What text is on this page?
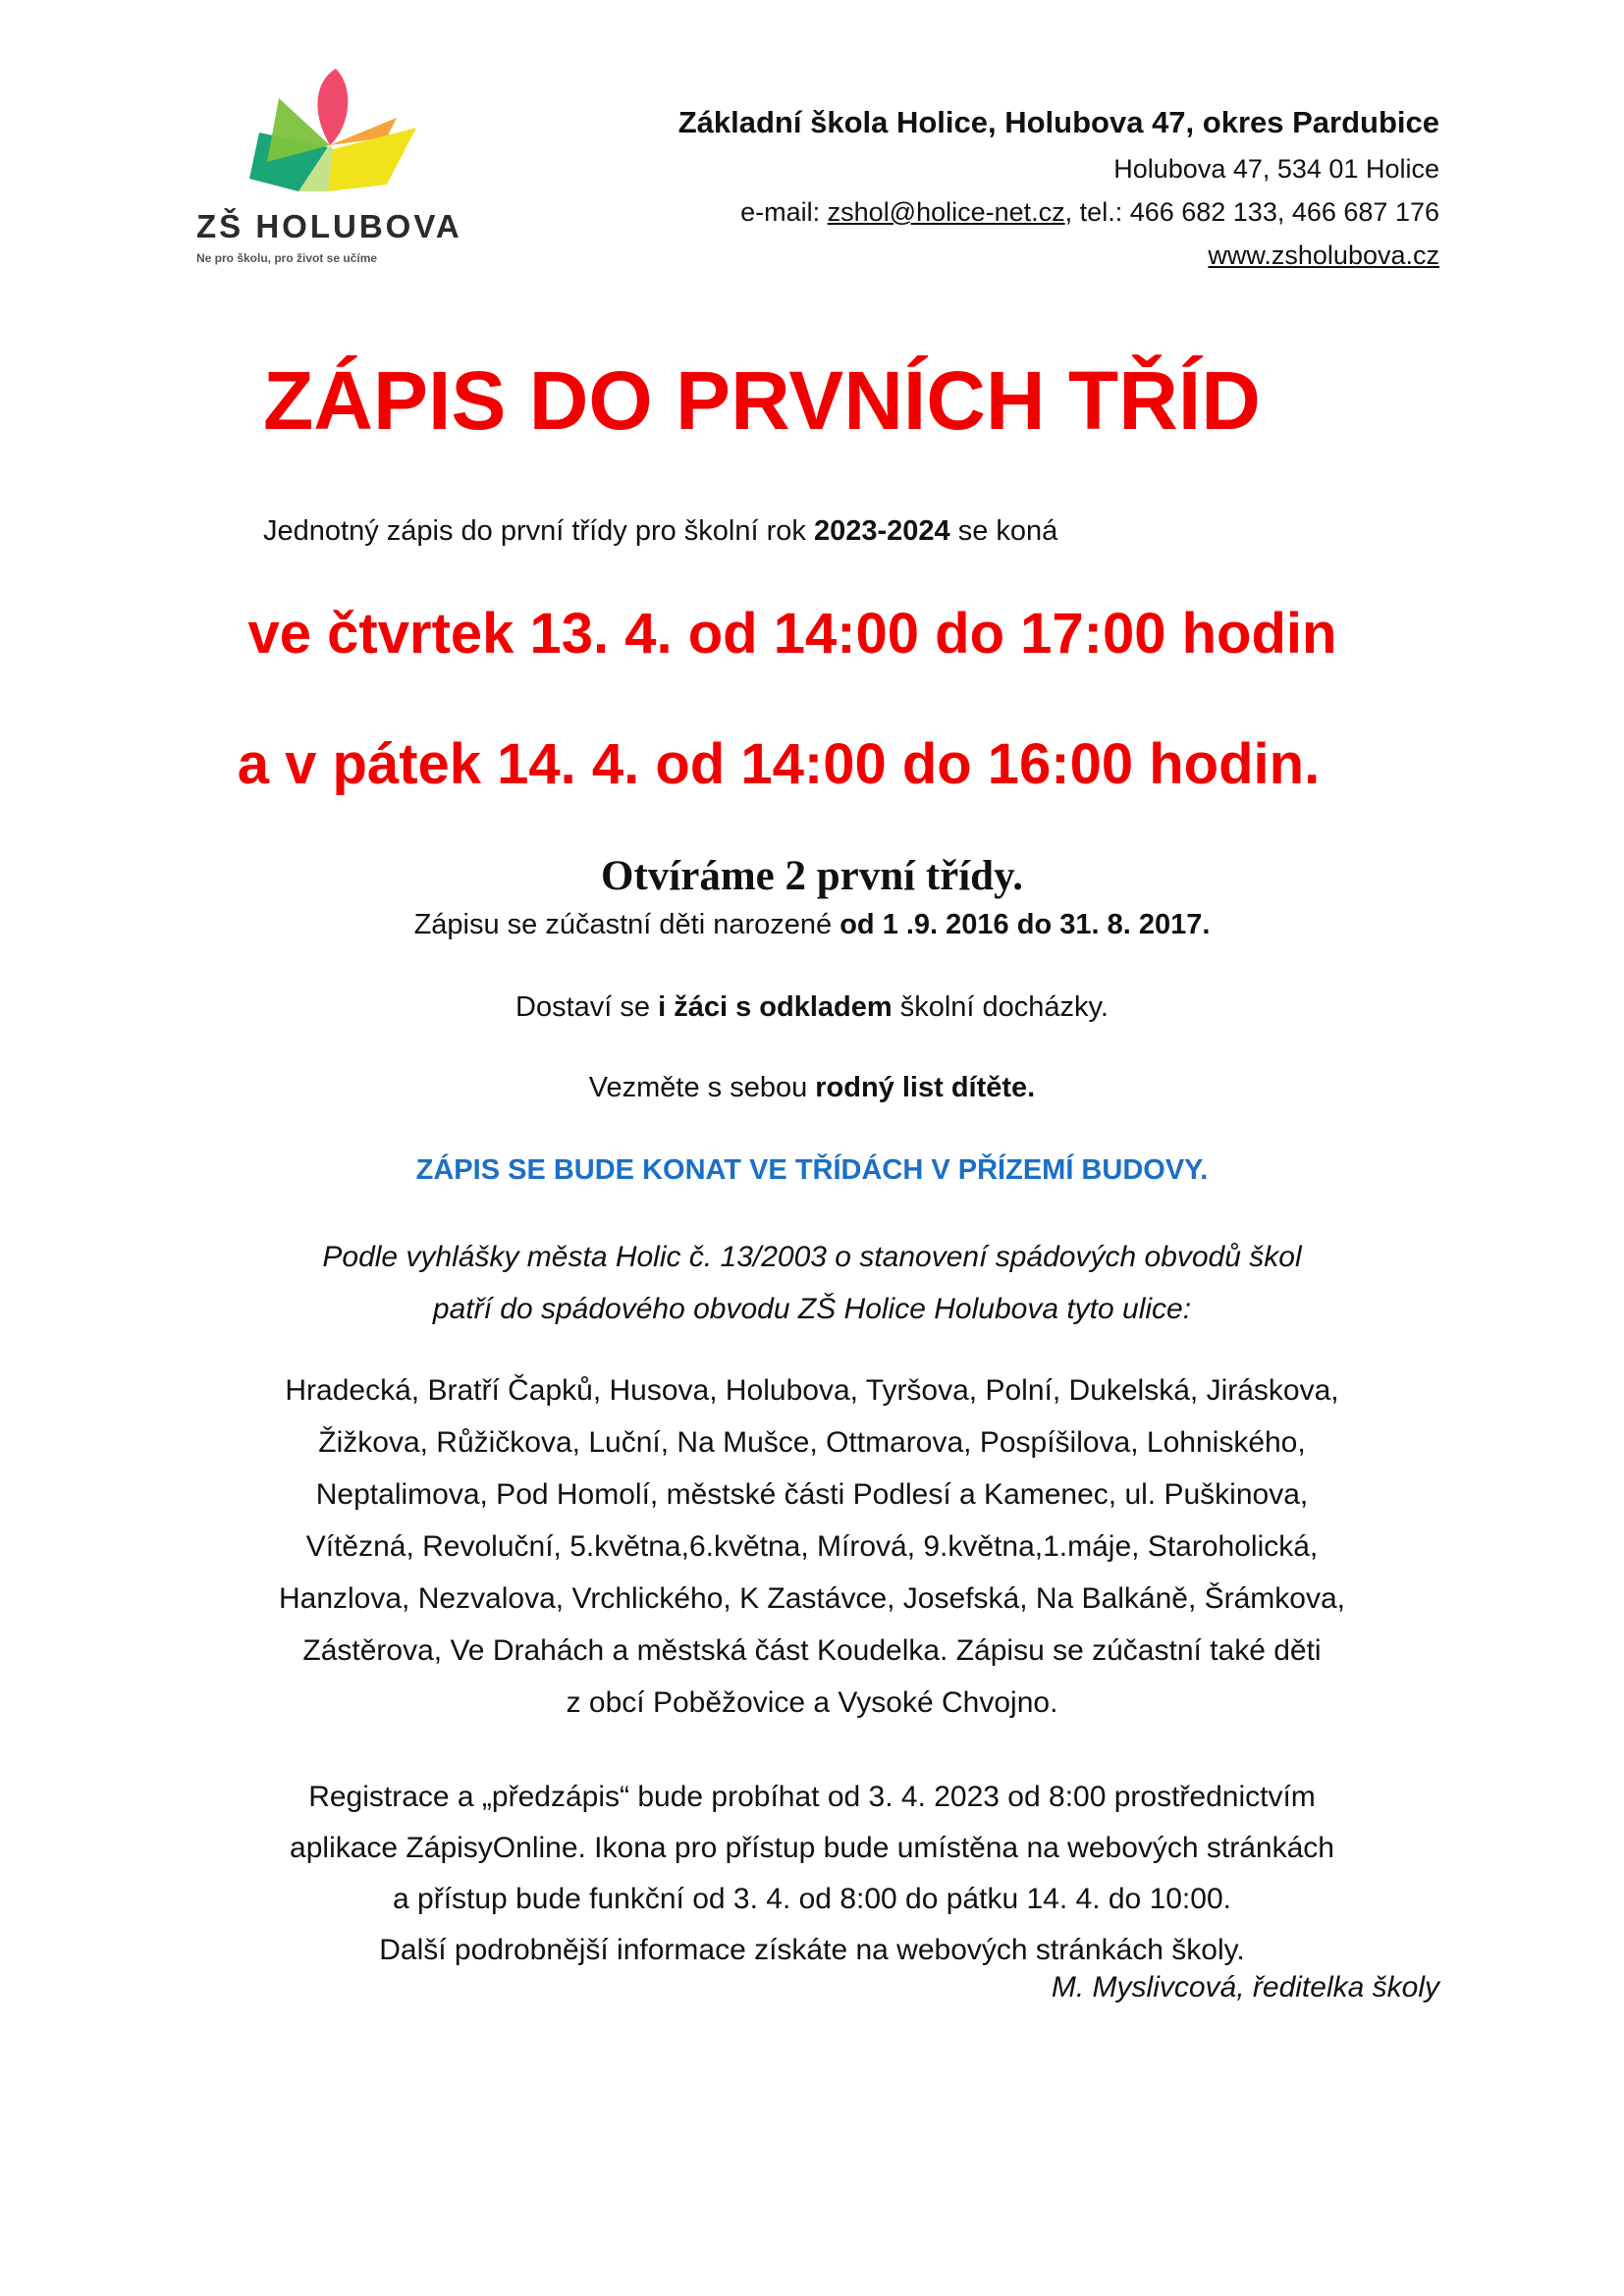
ZŠ HOLUBOVA
Ne pro školu, pro život se učíme
Základní škola Holice, Holubova 47, okres Pardubice
Holubova 47, 534 01 Holice
e-mail: zshol@holice-net.cz, tel.: 466 682 133, 466 687 176
www.zsholubova.cz
ZÁPIS DO PRVNÍCH TŘÍD
Jednotný zápis do první třídy pro školní rok 2023-2024 se koná
ve čtvrtek 13. 4. od 14:00 do 17:00 hodin
a v pátek 14. 4. od 14:00 do 16:00 hodin.
Otvíráme 2 první třídy.
Zápisu se zúčastní děti narozené od 1 .9. 2016 do 31. 8. 2017.
Dostaví se i žáci s odkladem školní docházky.
Vezměte s sebou rodný list dítěte.
ZÁPIS SE BUDE KONAT VE TŘÍDÁCH V PŘÍZEMÍ BUDOVY.
Podle vyhlášky města Holic č. 13/2003 o stanovení spádových obvodů škol
patří do spádového obvodu ZŠ Holice Holubova tyto ulice:
Hradecká, Bratří Čapků, Husova, Holubova, Tyršova, Polní, Dukelská, Jiráskova,
Žižkova, Růžičkova, Luční, Na Mušce, Ottmarova, Pospíšilova, Lohniského,
Neptalimova, Pod Homolí, městské části Podlesí a Kamenec, ul. Puškinova,
Vítězná, Revoluční, 5.května,6.května, Mírová, 9.května,1.máje, Staroholická,
Hanzlova, Nezvalova, Vrchlického, K Zastávce, Josefská, Na Balkáně, Šrámkova,
Zástěrova, Ve Drahách a městská část Koudelka. Zápisu se zúčastní také děti
z obcí Poběžovice a Vysoké Chvojno.
Registrace a „předzápis“ bude probíhat od 3. 4. 2023 od 8:00 prostřednictvím
aplikace ZápisyOnline. Ikona pro přístup bude umístěna na webových stránkách
a přístup bude funkční od 3. 4. od 8:00 do pátku 14. 4. do 10:00.
Další podrobnější informace získáte na webových stránkách školy.
M. Myslivcová, ředitelka školy
